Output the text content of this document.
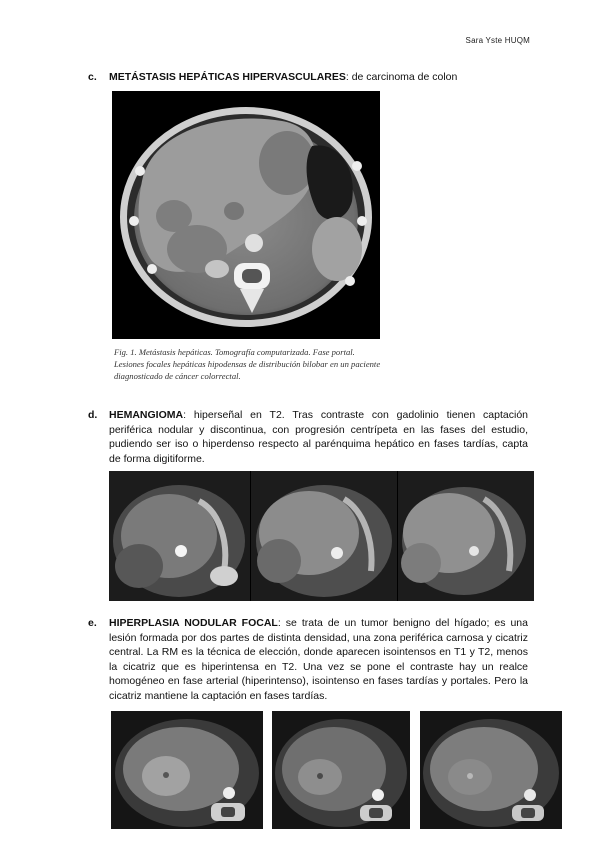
Sara Yste HUQM
c. METÁSTASIS HEPÁTICAS HIPERVASCULARES: de carcinoma de colon
Fig. 1. Metástasis hepáticas. Tomografía computarizada. Fase portal. Lesiones focales hepáticas hipodensas de distribución bilobar en un paciente diagnosticado de cáncer colorrectal.
d. HEMANGIOMA: hiperseñal en T2. Tras contraste con gadolinio tienen captación periférica nodular y discontinua, con progresión centrípeta en las fases del estudio, pudiendo ser iso o hiperdenso respecto al parénquima hepático en fases tardías, capta de forma digitiforme.
e. HIPERPLASIA NODULAR FOCAL: se trata de un tumor benigno del hígado; es una lesión formada por dos partes de distinta densidad, una zona periférica carnosa y cicatriz central. La RM es la técnica de elección, donde aparecen isointensos en T1 y T2, menos la cicatriz que es hiperintensa en T2. Una vez se pone el contraste hay un realce homogéneo en fase arterial (hiperintenso), isointenso en fases tardías y portales. Pero la cicatriz mantiene la captación en fases tardías.
